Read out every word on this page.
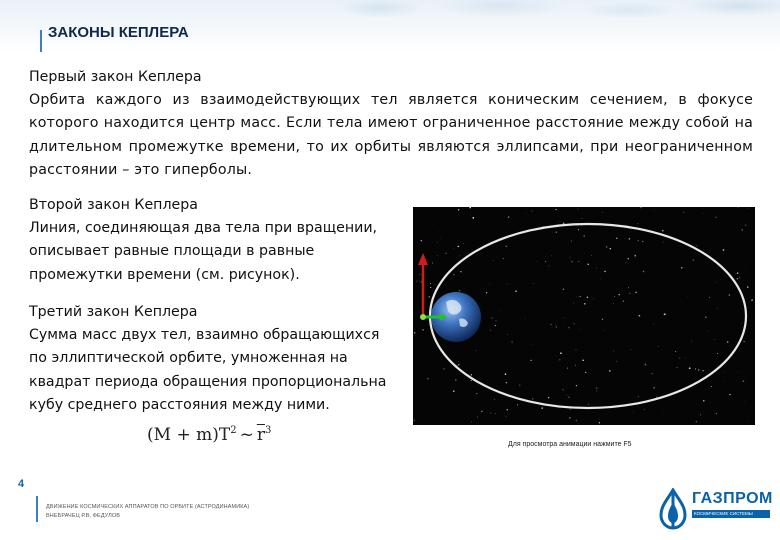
ЗАКОНЫ КЕПЛЕРА
Первый закон Кеплера
Орбита каждого из взаимодействующих тел является коническим сечением, в фокусе которого находится центр масс. Если тела имеют ограниченное расстояние между собой на длительном промежутке времени, то их орбиты являются эллипсами, при неограниченном расстоянии – это гиперболы.
Второй закон Кеплера
Линия, соединяющая два тела при вращении, описывает равные площади в равные промежутки времени (см. рисунок).
Третий закон Кеплера
Сумма масс двух тел, взаимно обращающихся по эллиптической орбите, умноженная на квадрат периода обращения пропорциональна кубу среднего расстояния между ними.
$(M + m)T^2$ ~ $\overline{r}^3$
Для просмотра анимации нажмите F5
4
ДВИЖЕНИЕ КОСМИЧЕСКИХ АППАРАТОВ ПО ОРБИТЕ (АСТРОДИНАМИКА)
ВНЕБРАЧЕЦ Р.В. ФЕДУЛОВ
ГАЗПРОМ
КОСМИЧЕСКИЕ СИСТЕМЫ
